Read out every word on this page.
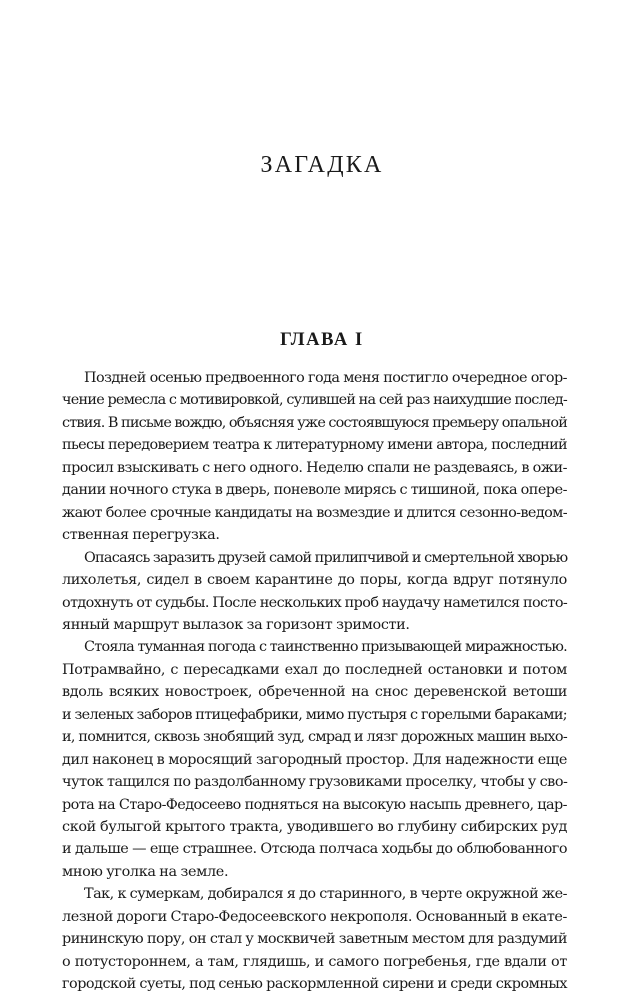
ЗАГАДКА
ГЛАВА I
Поздней осенью предвоенного года меня постигло очередное огор-
чение ремесла с мотивировкой, сулившей на сей раз наихудшие послед-
ствия. В письме вождю, объясняя уже состоявшуюся премьеру опальной
пьесы передоверием театра к литературному имени автора, последний
просил взыскивать с него одного. Неделю спали не раздеваясь, в ожи-
дании ночного стука в дверь, поневоле мирясь с тишиной, пока опере-
жают более срочные кандидаты на возмездие и длится сезонно-ведом-
ственная перегрузка.
Опасаясь заразить друзей самой прилипчивой и смертельной хворью
лихолетья, сидел в своем карантине до поры, когда вдруг потянуло
отдохнуть от судьбы. После нескольких проб наудачу наметился посто-
янный маршрут вылазок за горизонт зримости.
Стояла туманная погода с таинственно призывающей миражностью.
Потрамвайно, с пересадками ехал до последней остановки и потом
вдоль всяких новостроек, обреченной на снос деревенской ветоши
и зеленых заборов птицефабрики, мимо пустыря с горелыми бараками;
и, помнится, сквозь знобящий зуд, смрад и лязг дорожных машин выхо-
дил наконец в моросящий загородный простор. Для надежности еще
чуток тащился по раздолбанному грузовиками проселку, чтобы у сво-
рота на Старо-Федосеево подняться на высокую насыпь древнего, цар-
ской булыгой крытого тракта, уводившего во глубину сибирских руд
и дальше — еще страшнее. Отсюда полчаса ходьбы до облюбованного
мною уголка на земле.
Так, к сумеркам, добирался я до старинного, в черте окружной же-
лезной дороги Старо-Федосеевского некрополя. Основанный в екате-
рининскую пору, он стал у москвичей заветным местом для раздумий
о потустороннем, а там, глядишь, и самого погребенья, где вдали от
городской суеты, под сенью раскормленной сирени и среди скромных
